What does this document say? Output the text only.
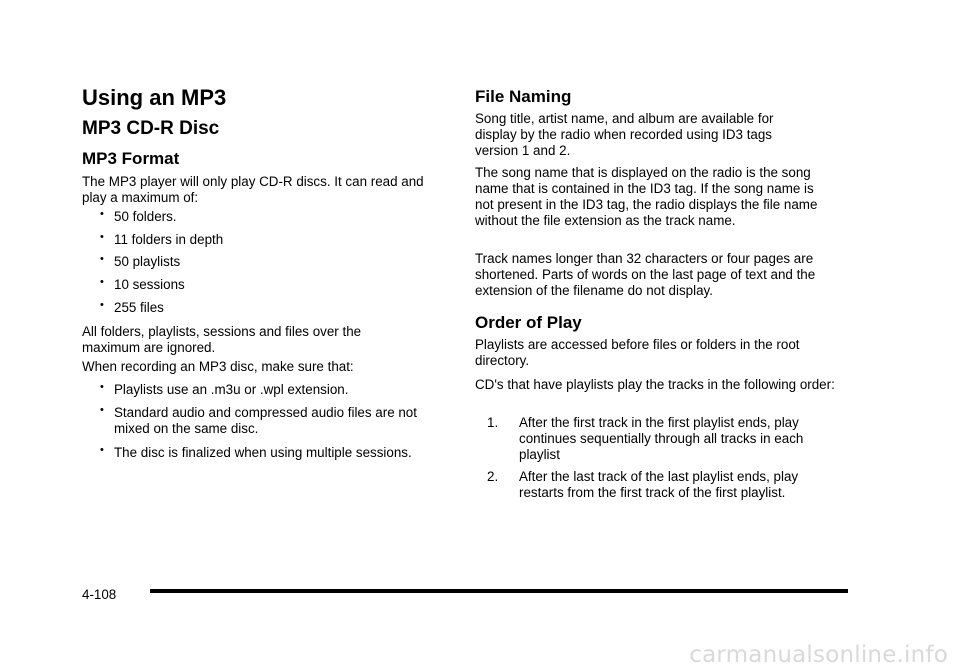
Using an MP3
MP3 CD-R Disc
MP3 Format

The MP3 player will only play CD-R discs. It can read and play a maximum of:

• 50 folders.
• 11 folders in depth
• 50 playlists
• 10 sessions
• 255 files

All folders, playlists, sessions and files over the maximum are ignored.

When recording an MP3 disc, make sure that:

• Playlists use an .m3u or .wpl extension.
• Standard audio and compressed audio files are not mixed on the same disc.
• The disc is finalized when using multiple sessions.
File Naming

Song title, artist name, and album are available for display by the radio when recorded using ID3 tags version 1 and 2.

The song name that is displayed on the radio is the song name that is contained in the ID3 tag. If the song name is not present in the ID3 tag, the radio displays the file name without the file extension as the track name.

Track names longer than 32 characters or four pages are shortened. Parts of words on the last page of text and the extension of the filename do not display.

Order of Play

Playlists are accessed before files or folders in the root directory.

CD's that have playlists play the tracks in the following order:

1.	After the first track in the first playlist ends, play continues sequentially through all tracks in each playlist
2.	After the last track of the last playlist ends, play restarts from the first track of the first playlist.
4-108
carmanualsonline.info
